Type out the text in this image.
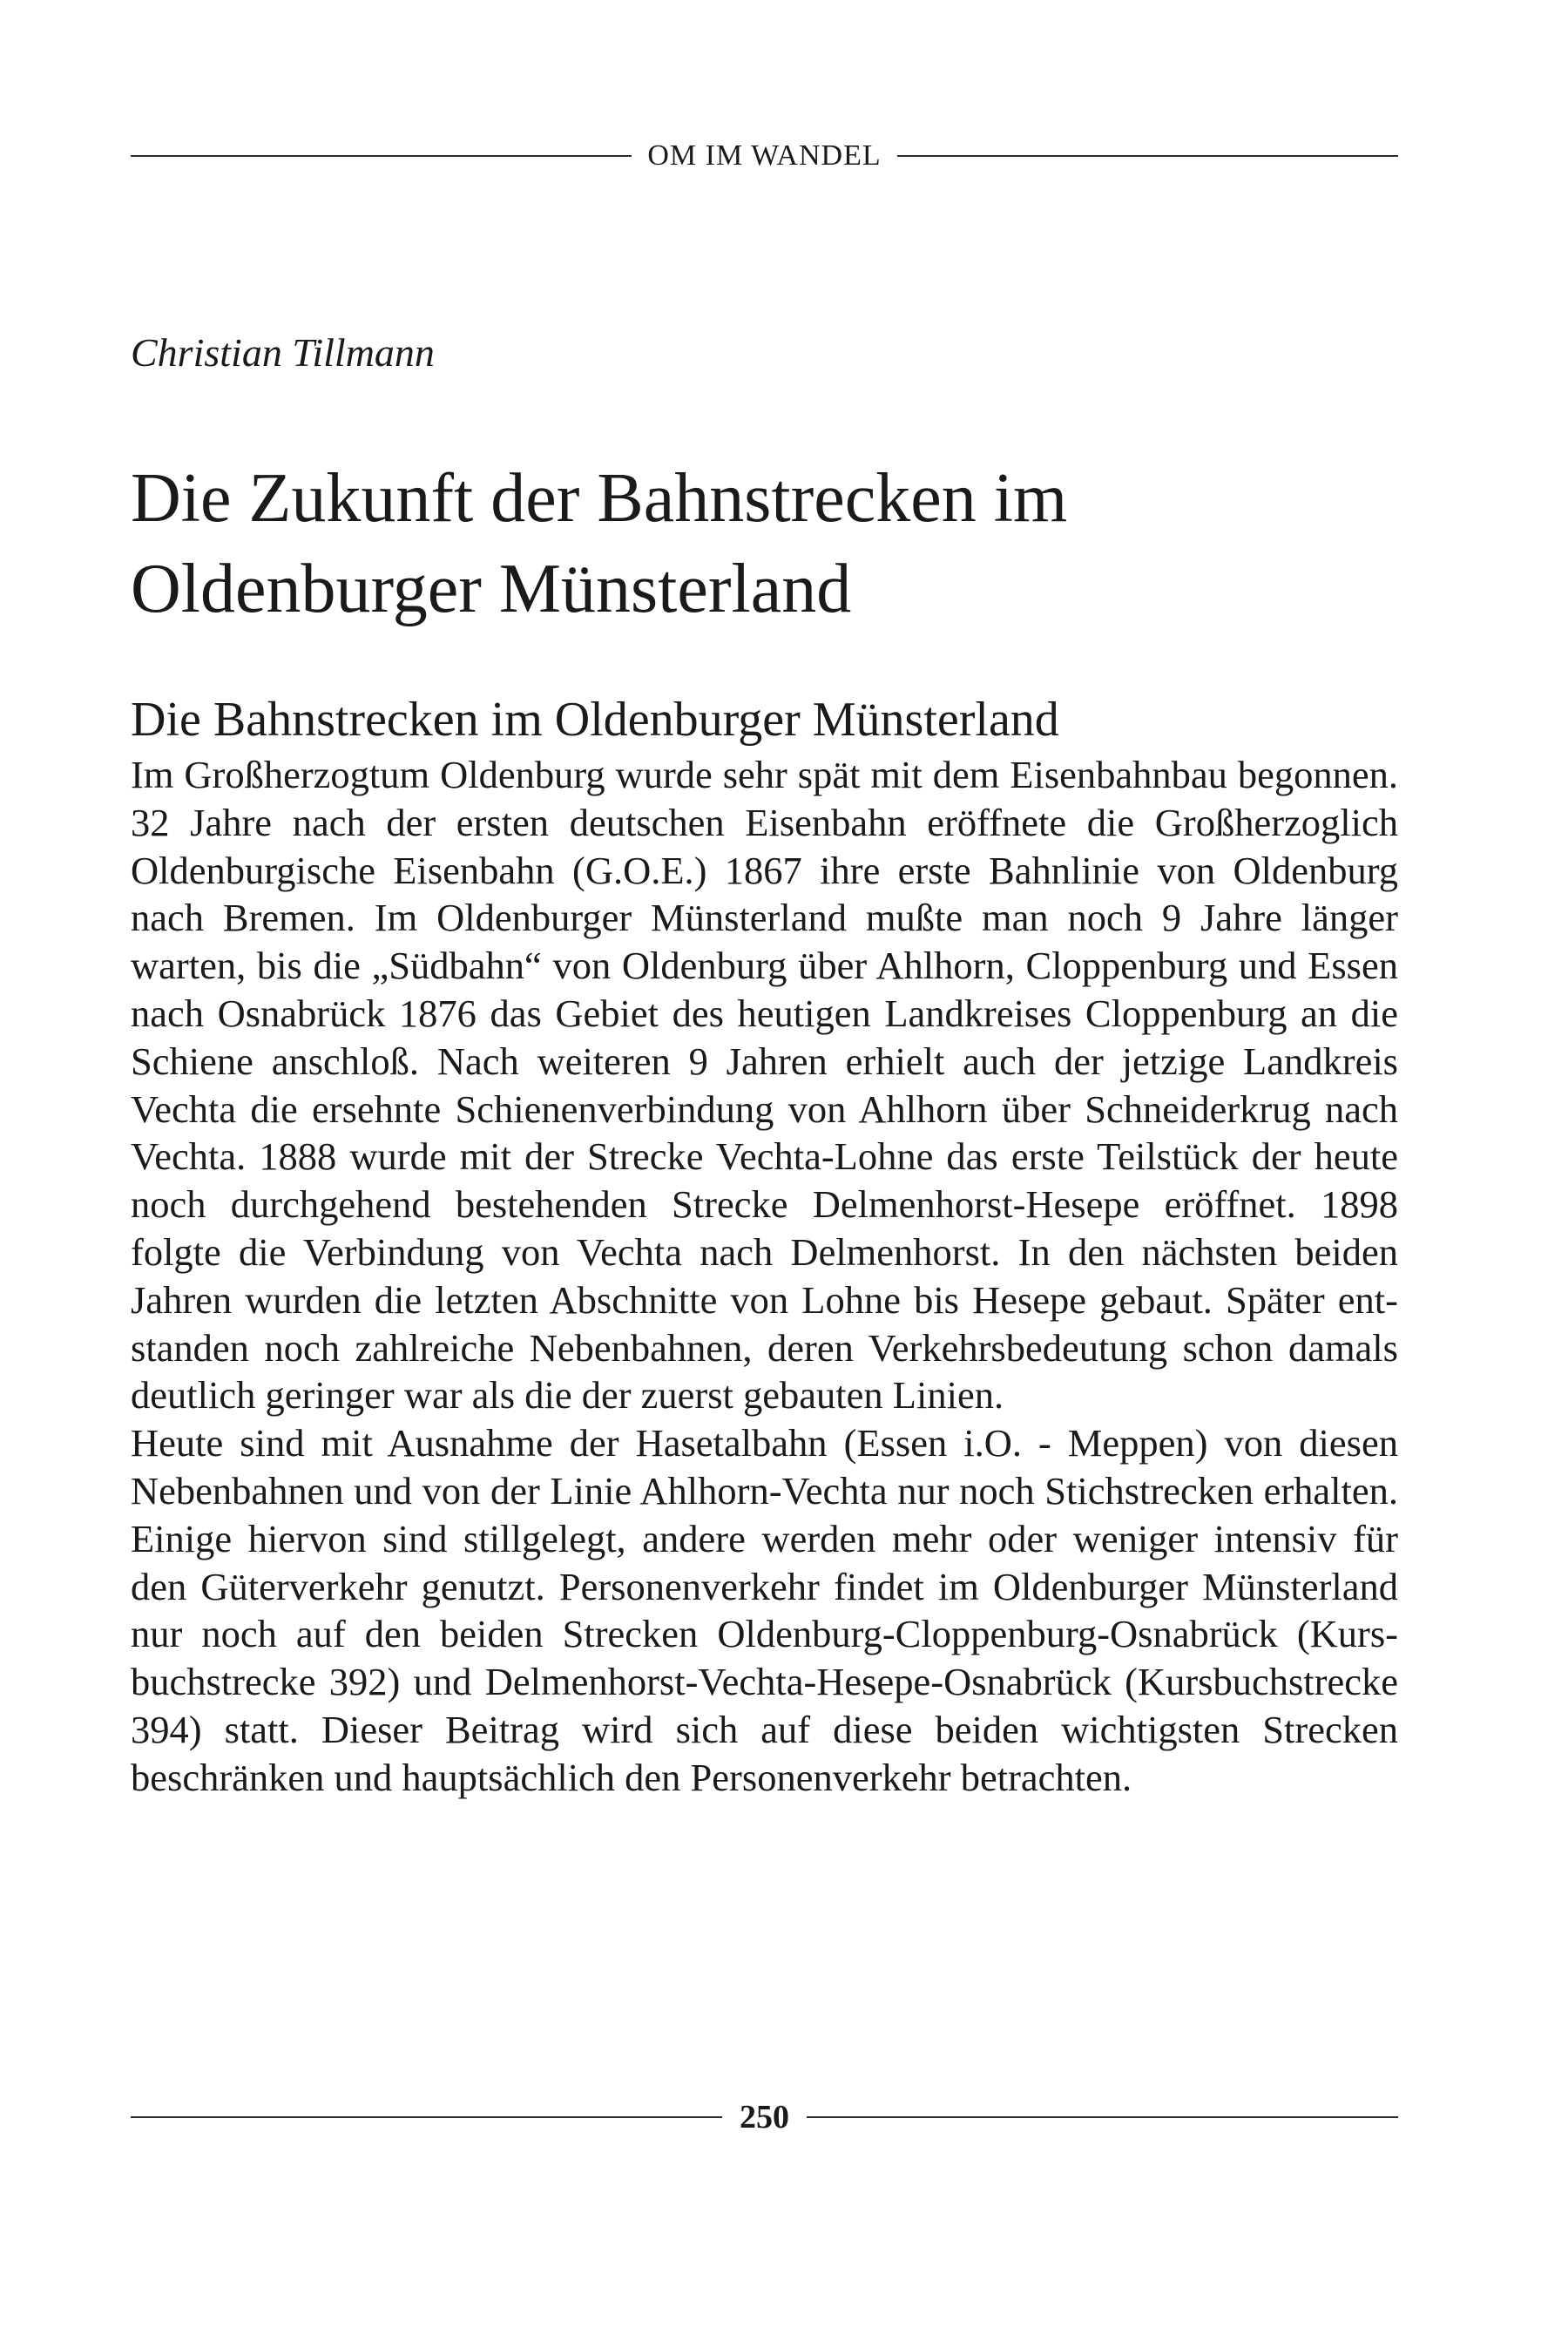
OM IM WANDEL

Christian Tillmann

Die Zukunft der Bahnstrecken im
Oldenburger Münsterland
Die Bahnstrecken im Oldenburger Münsterland

Im Großherzogtum Oldenburg wurde sehr spät mit dem Eisenbahnbau begonnen. 32 Jahre nach der ersten deutschen Eisenbahn eröffnete die Großherzoglich Oldenburgische Eisenbahn (G.O.E.) 1867 ihre erste Bahnlinie von Oldenburg nach Bremen. Im Oldenburger Münsterland mußte man noch 9 Jahre länger warten, bis die „Südbahn“ von Oldenburg über Ahlhorn, Cloppenburg und Essen nach Osnabrück 1876 das Gebiet des heutigen Landkreises Cloppenburg an die Schiene anschloß. Nach weiteren 9 Jahren erhielt auch der jetzige Landkreis Vechta die ersehnte Schienenverbindung von Ahlhorn über Schneiderkrug nach Vechta. 1888 wurde mit der Strecke Vechta-Lohne das erste Teilstück der heute noch durchgehend bestehenden Strecke Delmenhorst-Hesepe eröffnet. 1898 folgte die Verbindung von Vechta nach Delmenhorst. In den nächsten beiden Jahren wurden die letzten Abschnitte von Lohne bis Hesepe gebaut. Später entstanden noch zahlreiche Nebenbahnen, deren Verkehrsbedeutung schon damals deutlich geringer war als die der zuerst gebauten Linien.

Heute sind mit Ausnahme der Hasetalbahn (Essen i.O. - Meppen) von diesen Nebenbahnen und von der Linie Ahlhorn-Vechta nur noch Stichstrecken erhalten. Einige hiervon sind stillgelegt, andere werden mehr oder weniger intensiv für den Güterverkehr genutzt. Personenverkehr findet im Oldenburger Münsterland nur noch auf den beiden Strecken Oldenburg-Cloppenburg-Osnabrück (Kursbuchstrecke 392) und Delmenhorst-Vechta-Hesepe-Osnabrück (Kursbuchstrecke 394) statt. Dieser Beitrag wird sich auf diese beiden wichtigsten Strecken beschränken und hauptsächlich den Personenverkehr betrachten.

250
